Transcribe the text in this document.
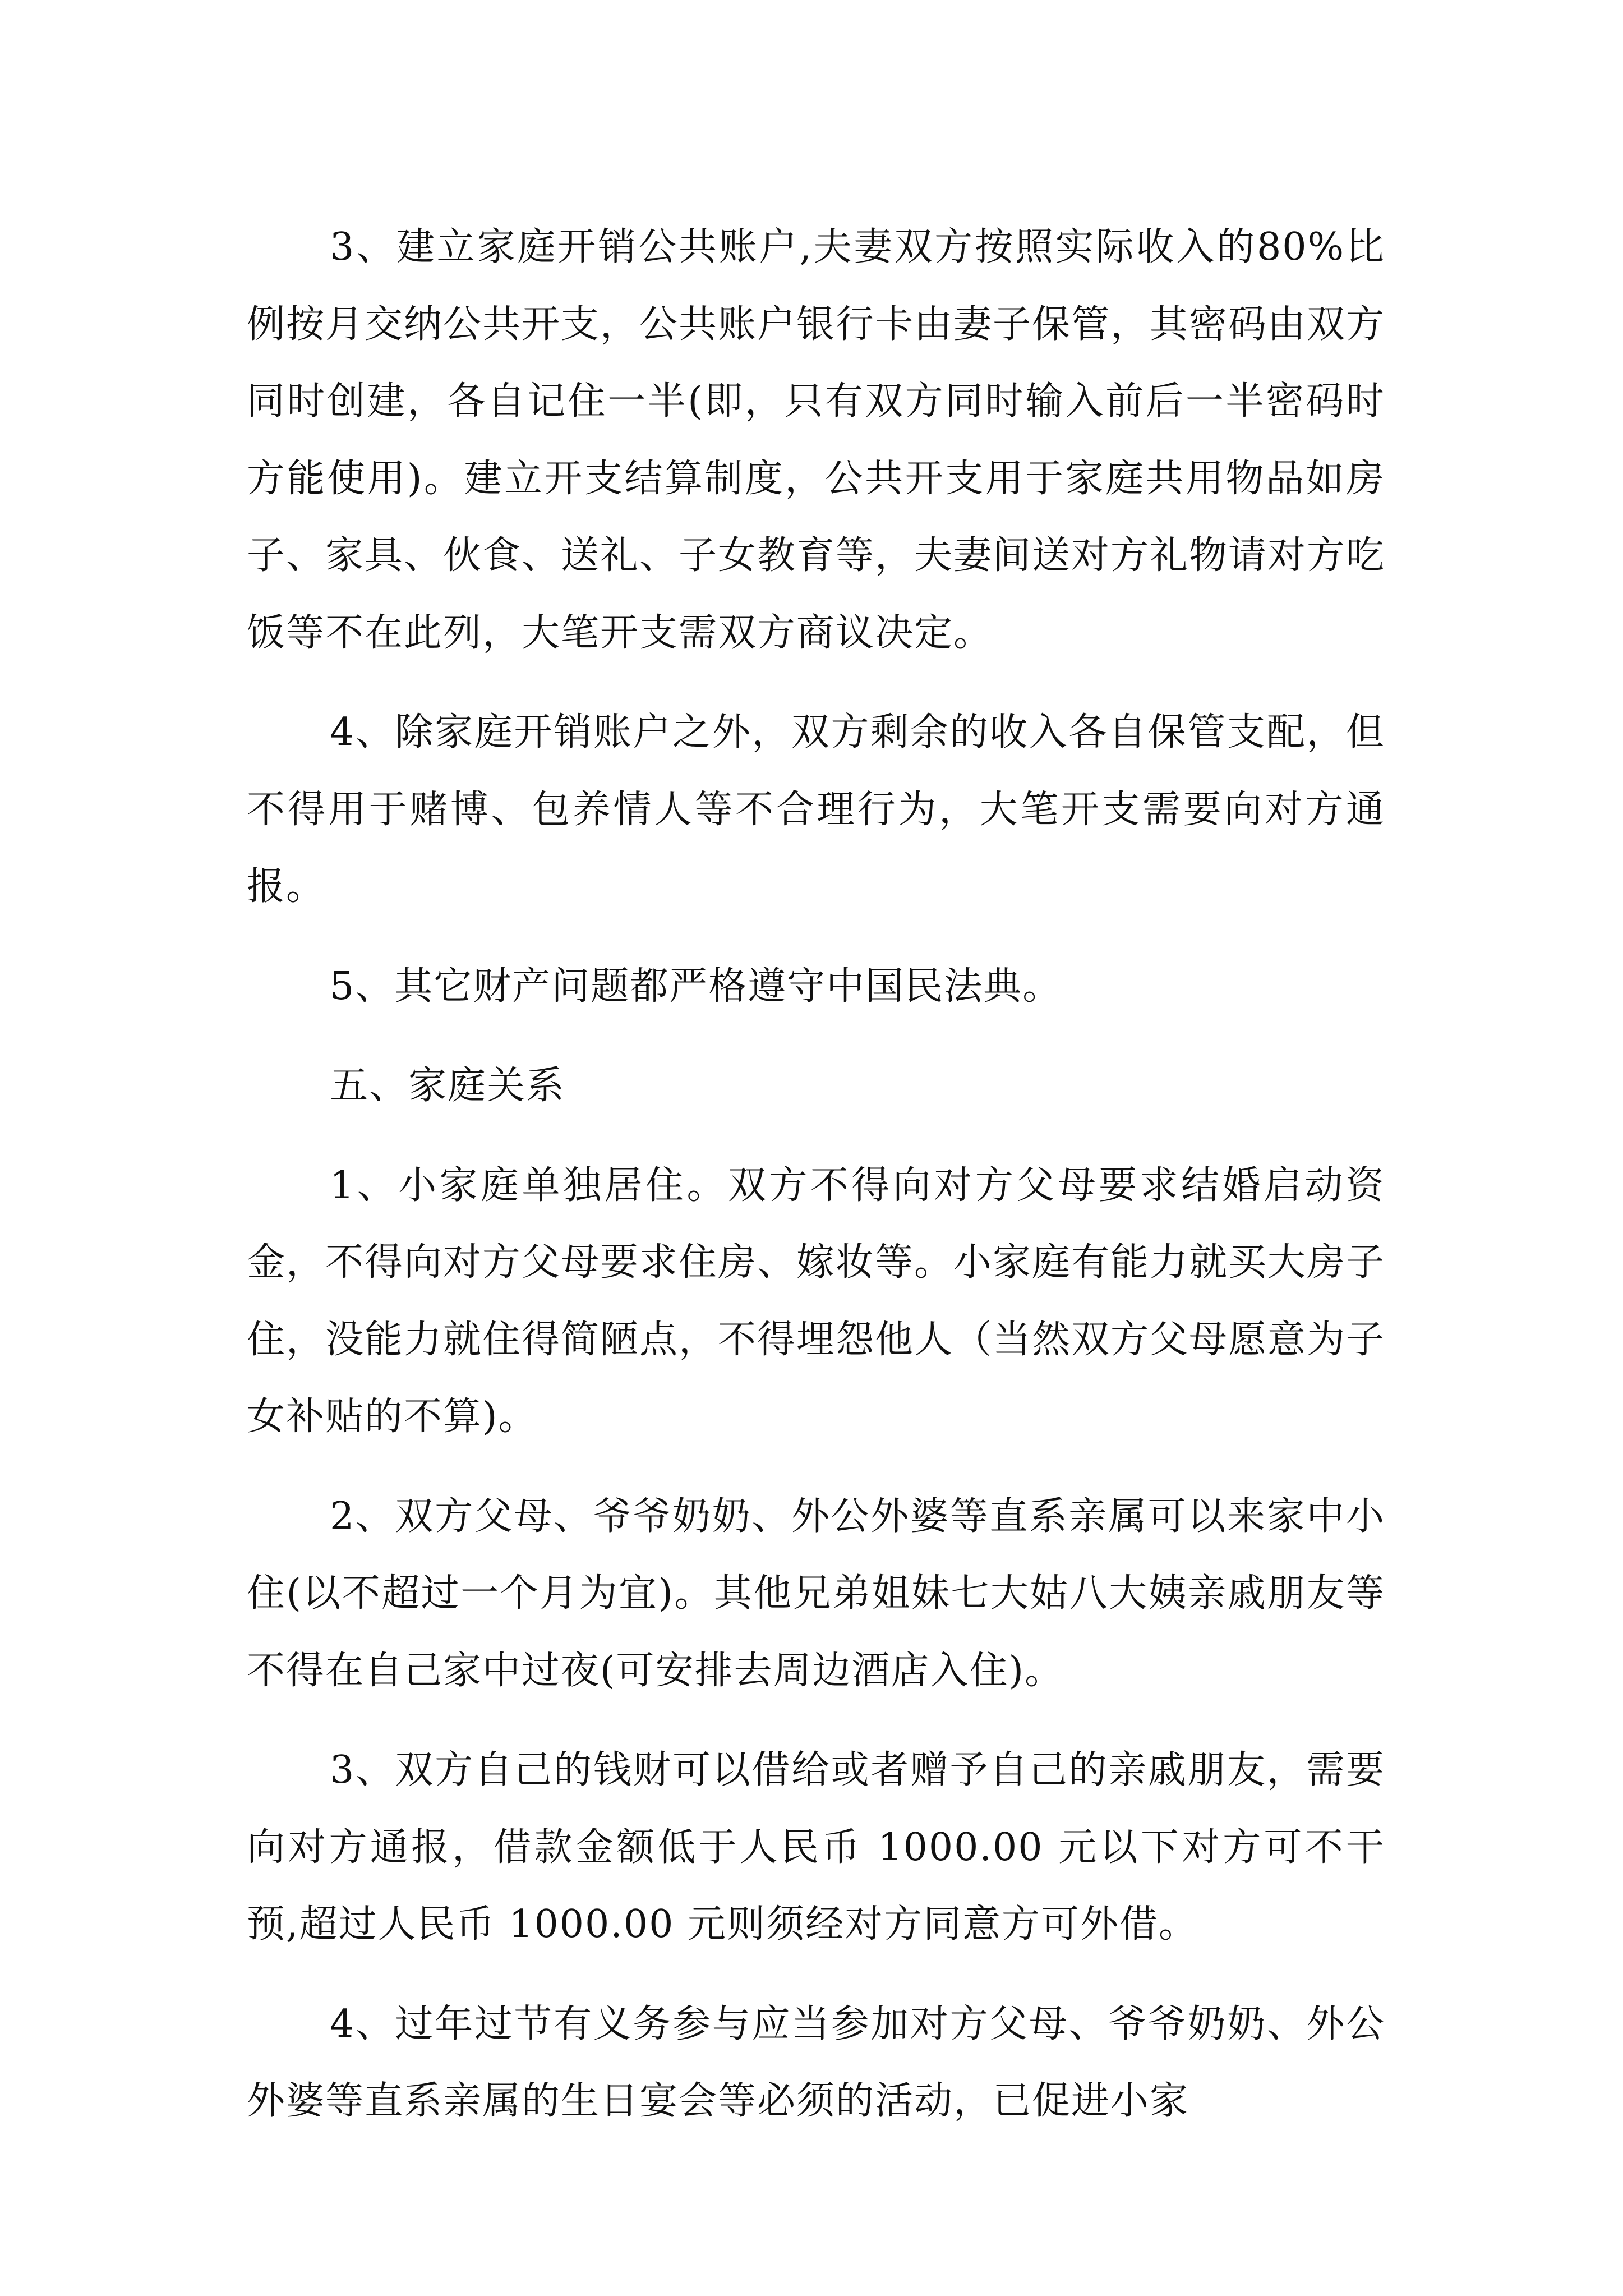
3、建立家庭开销公共账户,夫妻双方按照实际收入的80%比例按月交纳公共开支，公共账户银行卡由妻子保管，其密码由双方同时创建，各自记住一半(即，只有双方同时输入前后一半密码时方能使用)。建立开支结算制度，公共开支用于家庭共用物品如房子、家具、伙食、送礼、子女教育等，夫妻间送对方礼物请对方吃饭等不在此列，大笔开支需双方商议决定。

4、除家庭开销账户之外，双方剩余的收入各自保管支配，但不得用于赌博、包养情人等不合理行为，大笔开支需要向对方通报。

5、其它财产问题都严格遵守中国民法典。

五、家庭关系

1、小家庭单独居住。双方不得向对方父母要求结婚启动资金，不得向对方父母要求住房、嫁妆等。小家庭有能力就买大房子住，没能力就住得简陋点，不得埋怨他人（当然双方父母愿意为子女补贴的不算)。

2、双方父母、爷爷奶奶、外公外婆等直系亲属可以来家中小住(以不超过一个月为宜)。其他兄弟姐妹七大姑八大姨亲戚朋友等不得在自己家中过夜(可安排去周边酒店入住)。

3、双方自己的钱财可以借给或者赠予自己的亲戚朋友，需要向对方通报，借款金额低于人民币 1000.00 元以下对方可不干预,超过人民币 1000.00 元则须经对方同意方可外借。

4、过年过节有义务参与应当参加对方父母、爷爷奶奶、外公外婆等直系亲属的生日宴会等必须的活动，已促进小家
